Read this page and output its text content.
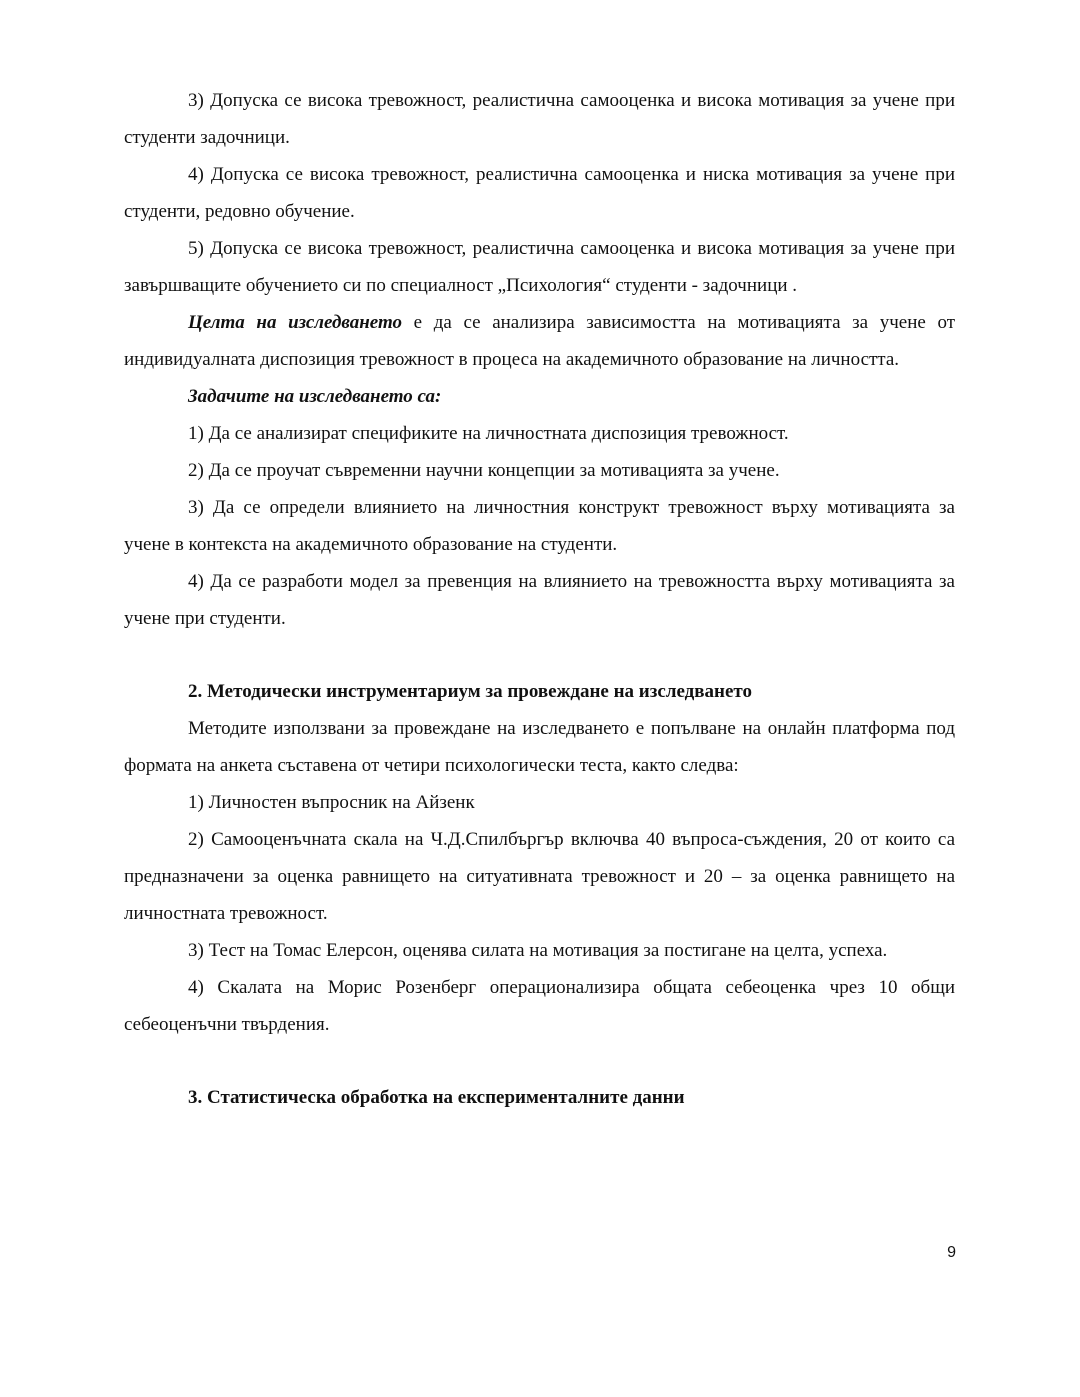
3) Допуска се висока тревожност, реалистична самооценка и висока мотивация за учене при студенти задочници.

4) Допуска се висока тревожност, реалистична самооценка и ниска мотивация за учене при студенти, редовно обучение.

5) Допуска се висока тревожност, реалистична самооценка и висока мотивация за учене при завършващите обучението си по специалност „Психология“ студенти - задочници .

Целта на изследването е да се анализира зависимостта на мотивацията за учене от индивидуалната диспозиция тревожност в процеса на академичното образование на личността.

Задачите на изследването са:

1) Да се анализират спецификите на личностната диспозиция тревожност.

2) Да се проучат съвременни научни концепции за мотивацията за учене.

3) Да се определи влиянието на личностния конструкт тревожност върху мотивацията за учене в контекста на академичното образование на студенти.

4) Да се разработи модел за превенция на влиянието на тревожността върху мотивацията за учене при студенти.

2. Методически инструментариум за провеждане на изследването

Методите използвани за провеждане на изследването е попълване на онлайн платформа под формата на анкета съставена от четири психологически теста, както следва:

1) Личностен въпросник на Айзенк

2) Самооценъчната скала на Ч.Д.Спилбъргър включва 40 въпроса-съждения, 20 от които са предназначени за оценка равнището на ситуативната тревожност и 20 – за оценка равнището на личностната тревожност.

3) Тест на Томас Елерсон, оценява силата на мотивация за постигане на целта, успеха.

4) Скалата на Морис Розенберг операционализира общата себеоценка чрез 10 общи себеоценъчни твърдения.

3. Статистическа обработка на експерименталните данни

9
